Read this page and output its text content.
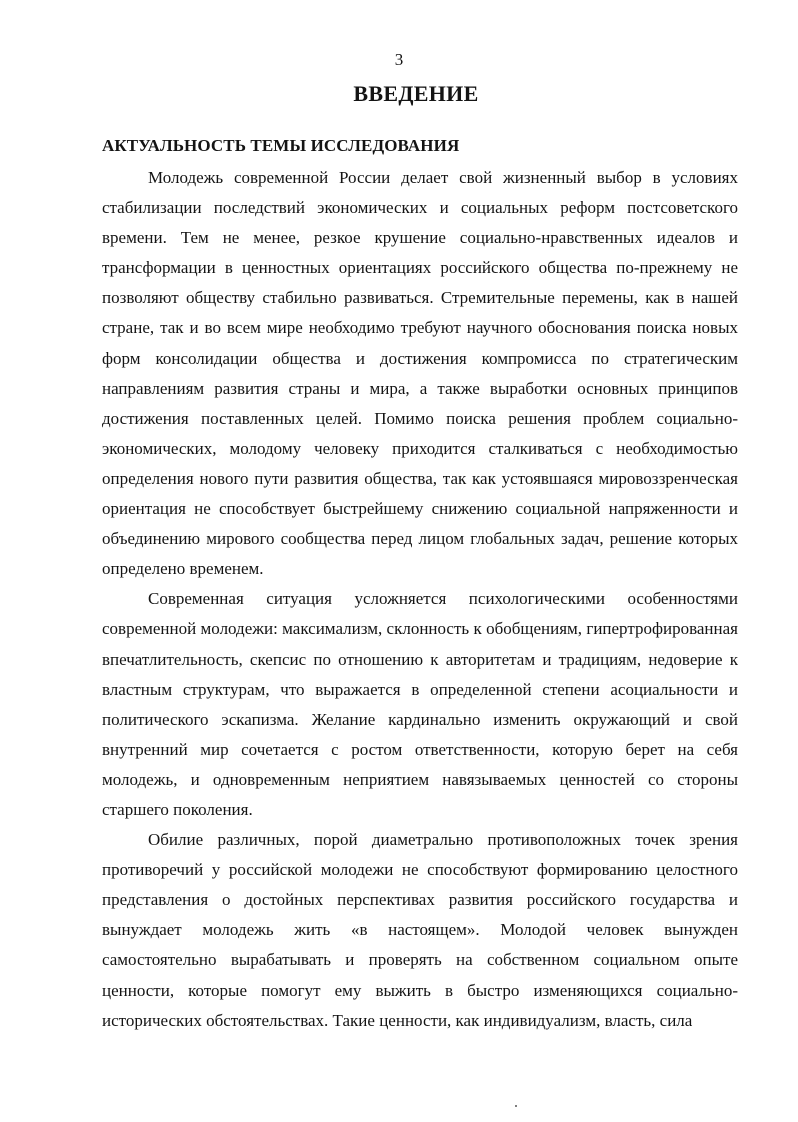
3
ВВЕДЕНИЕ
АКТУАЛЬНОСТЬ ТЕМЫ ИССЛЕДОВАНИЯ

Молодежь современной России делает свой жизненный выбор в условиях стабилизации последствий экономических и социальных реформ постсоветского времени. Тем не менее, резкое крушение социально-нравственных идеалов и трансформации в ценностных ориентациях российского общества по-прежнему не позволяют обществу стабильно развиваться. Стремительные перемены, как в нашей стране, так и во всем мире необходимо требуют научного обоснования поиска новых форм консолидации общества и достижения компромисса по стратегическим направлениям развития страны и мира, а также выработки основных принципов достижения поставленных целей. Помимо поиска решения проблем социально-экономических, молодому человеку приходится сталкиваться с необходимостью определения нового пути развития общества, так как устоявшаяся мировоззренческая ориентация не способствует быстрейшему снижению социальной напряженности и объединению мирового сообщества перед лицом глобальных задач, решение которых определено временем.

Современная ситуация усложняется психологическими особенностями современной молодежи: максимализм, склонность к обобщениям, гипертрофированная впечатлительность, скепсис по отношению к авторитетам и традициям, недоверие к властным структурам, что выражается в определенной степени асоциальности и политического эскапизма. Желание кардинально изменить окружающий и свой внутренний мир сочетается с ростом ответственности, которую берет на себя молодежь, и одновременным неприятием навязываемых ценностей со стороны старшего поколения.

Обилие различных, порой диаметрально противоположных точек зрения противоречий у российской молодежи не способствуют формированию целостного представления о достойных перспективах развития российского государства и вынуждает молодежь жить «в настоящем». Молодой человек вынужден самостоятельно вырабатывать и проверять на собственном социальном опыте ценности, которые помогут ему выжить в быстро изменяющихся социально-исторических обстоятельствах. Такие ценности, как индивидуализм, власть, сила
